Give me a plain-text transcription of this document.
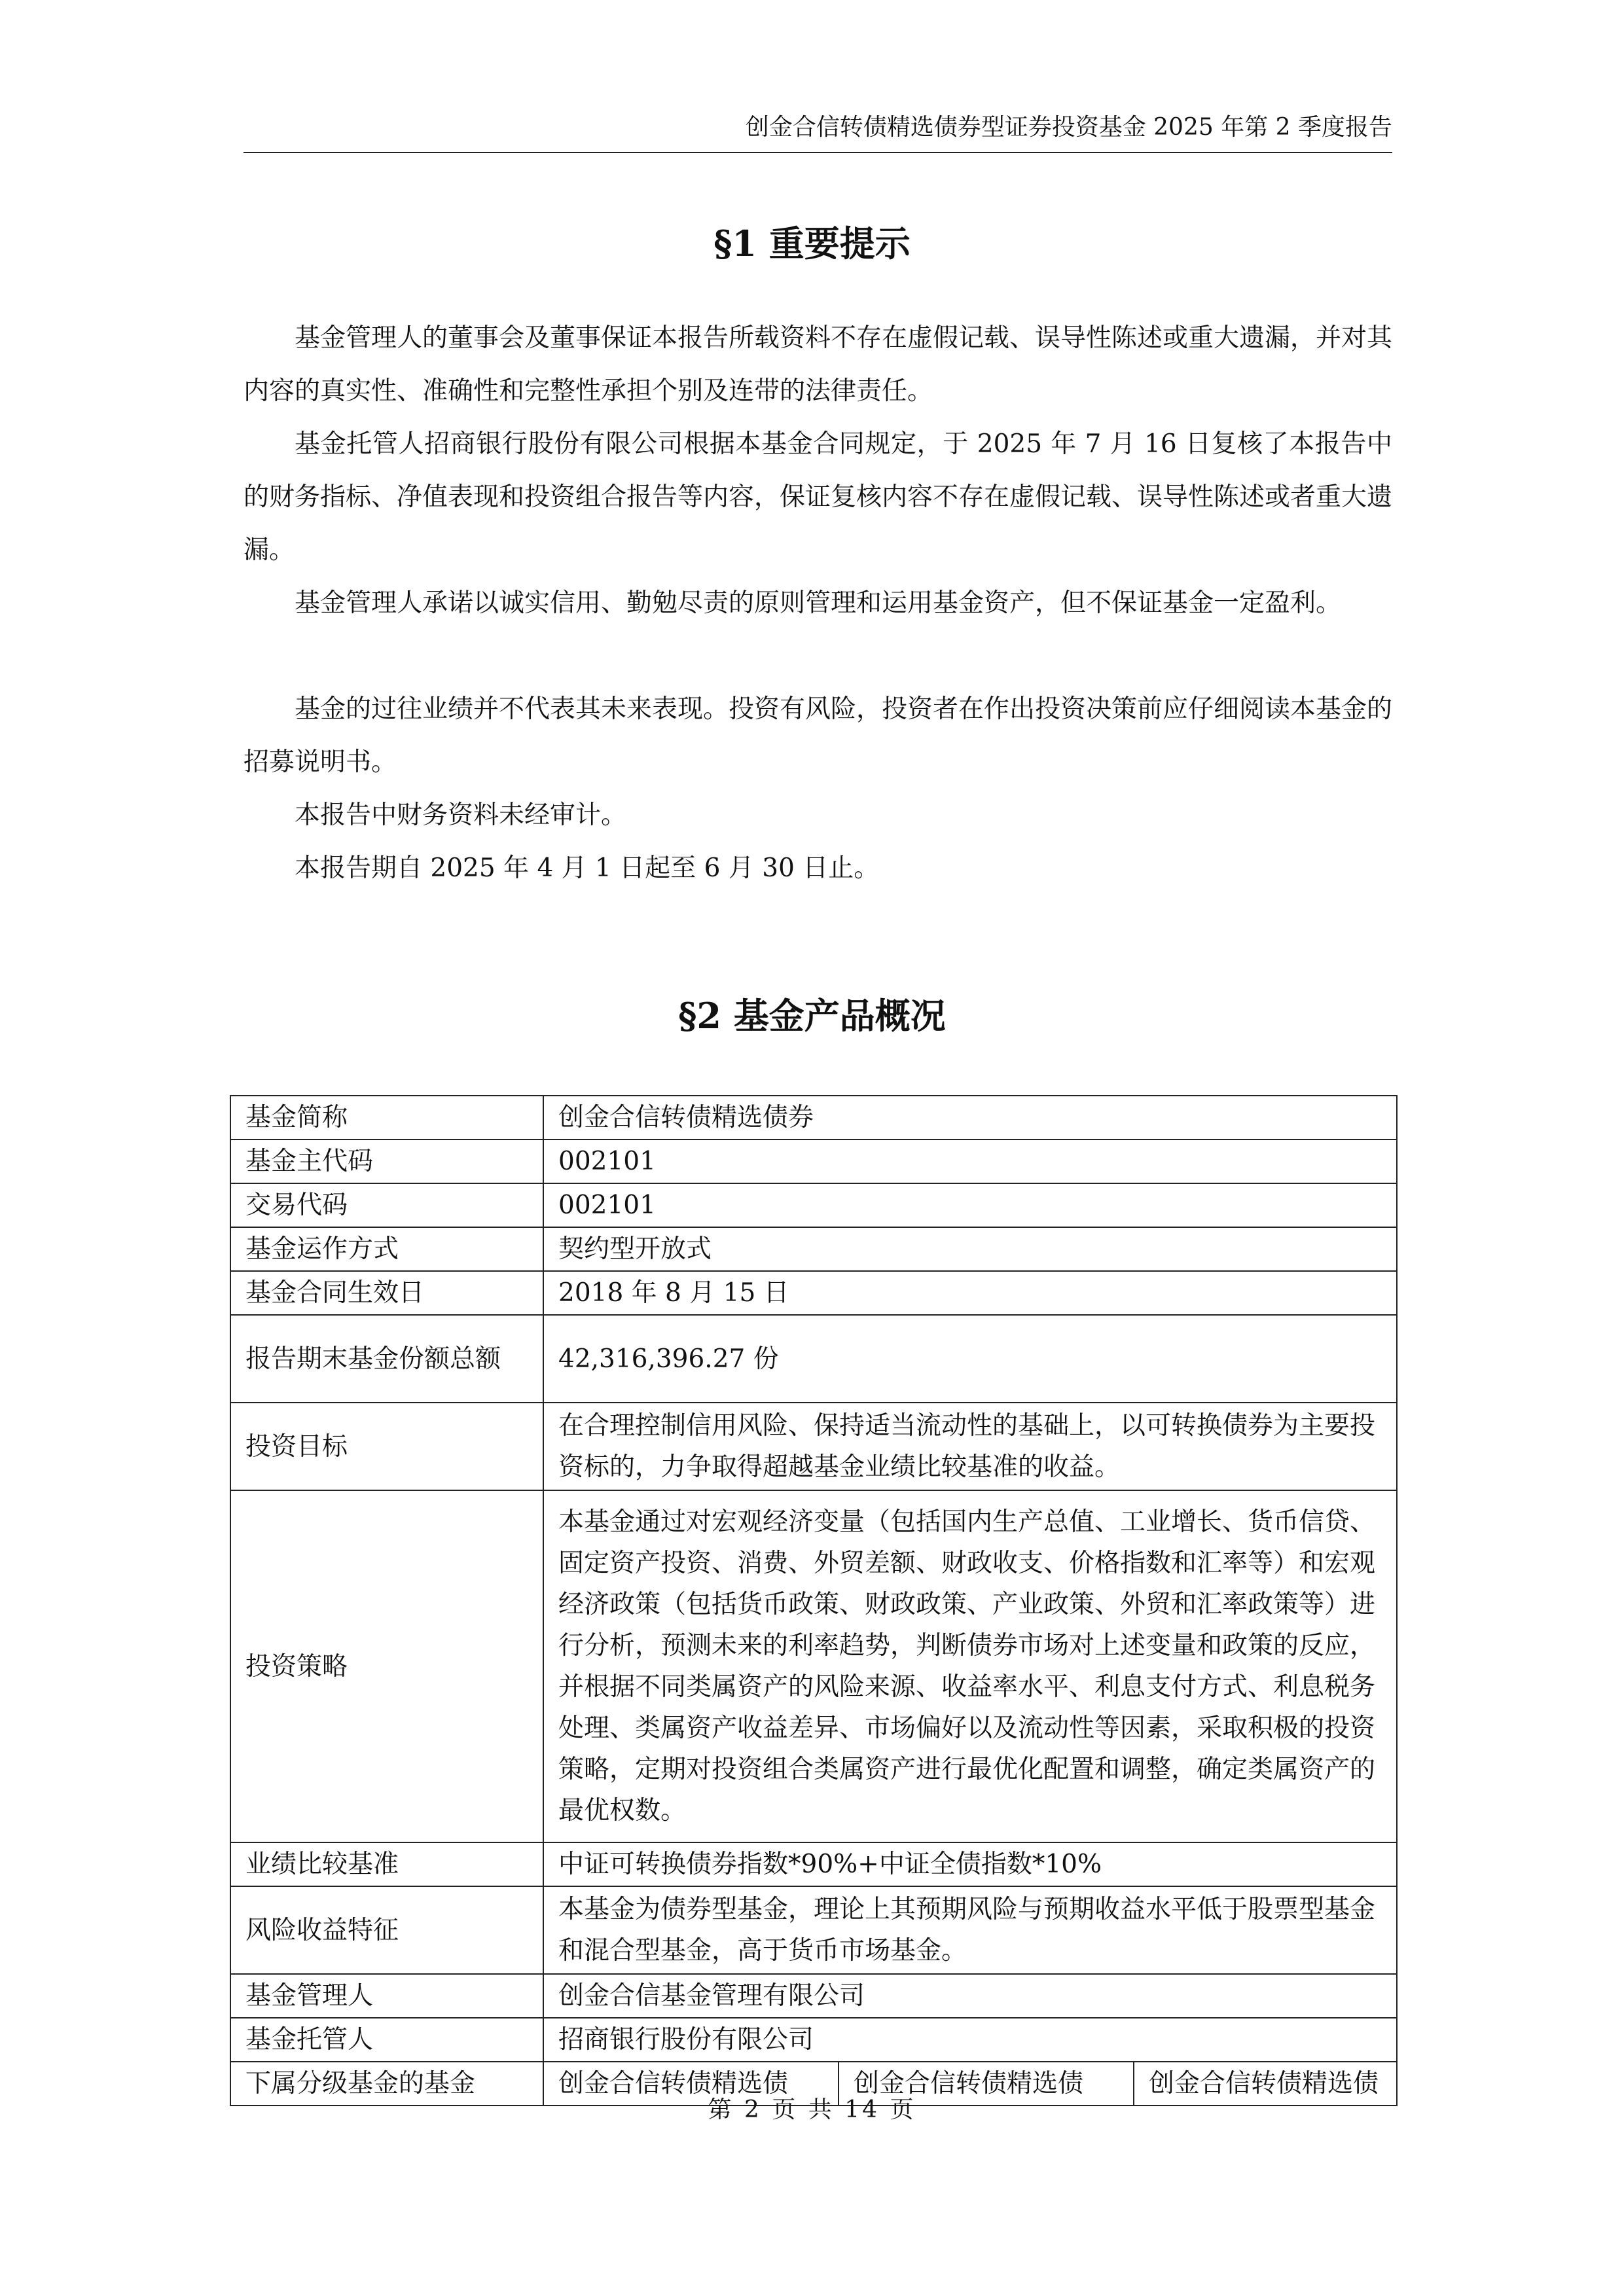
创金合信转债精选债券型证券投资基金 2025 年第 2 季度报告
§1 重要提示

基金管理人的董事会及董事保证本报告所载资料不存在虚假记载、误导性陈述或重大遗漏，并对其内容的真实性、准确性和完整性承担个别及连带的法律责任。

基金托管人招商银行股份有限公司根据本基金合同规定，于 2025 年 7 月 16 日复核了本报告中的财务指标、净值表现和投资组合报告等内容，保证复核内容不存在虚假记载、误导性陈述或者重大遗漏。

基金管理人承诺以诚实信用、勤勉尽责的原则管理和运用基金资产，但不保证基金一定盈利。

基金的过往业绩并不代表其未来表现。投资有风险，投资者在作出投资决策前应仔细阅读本基金的招募说明书。

本报告中财务资料未经审计。

本报告期自 2025 年 4 月 1 日起至 6 月 30 日止。

§2 基金产品概况
基金简称	创金合信转债精选债券		
基金主代码	002101		
交易代码	002101		
基金运作方式	契约型开放式		
基金合同生效日	2018 年 8 月 15 日		
报告期末基金份额总额	42,316,396.27 份		
投资目标	在合理控制信用风险、保持适当流动性的基础上，以可转换债券为主要投资标的，力争取得超越基金业绩比较基准的收益。		
投资策略	本基金通过对宏观经济变量（包括国内生产总值、工业增长、货币信贷、固定资产投资、消费、外贸差额、财政收支、价格指数和汇率等）和宏观经济政策（包括货币政策、财政政策、产业政策、外贸和汇率政策等）进行分析，预测未来的利率趋势，判断债券市场对上述变量和政策的反应，并根据不同类属资产的风险来源、收益率水平、利息支付方式、利息税务处理、类属资产收益差异、市场偏好以及流动性等因素，采取积极的投资策略，定期对投资组合类属资产进行最优化配置和调整，确定类属资产的最优权数。		
业绩比较基准	中证可转换债券指数*90%+中证全债指数*10%		
风险收益特征	本基金为债券型基金，理论上其预期风险与预期收益水平低于股票型基金和混合型基金，高于货币市场基金。		
基金管理人	创金合信基金管理有限公司		
基金托管人	招商银行股份有限公司		
下属分级基金的基金	创金合信转债精选债	创金合信转债精选债	创金合信转债精选债
第 2 页 共 14 页
